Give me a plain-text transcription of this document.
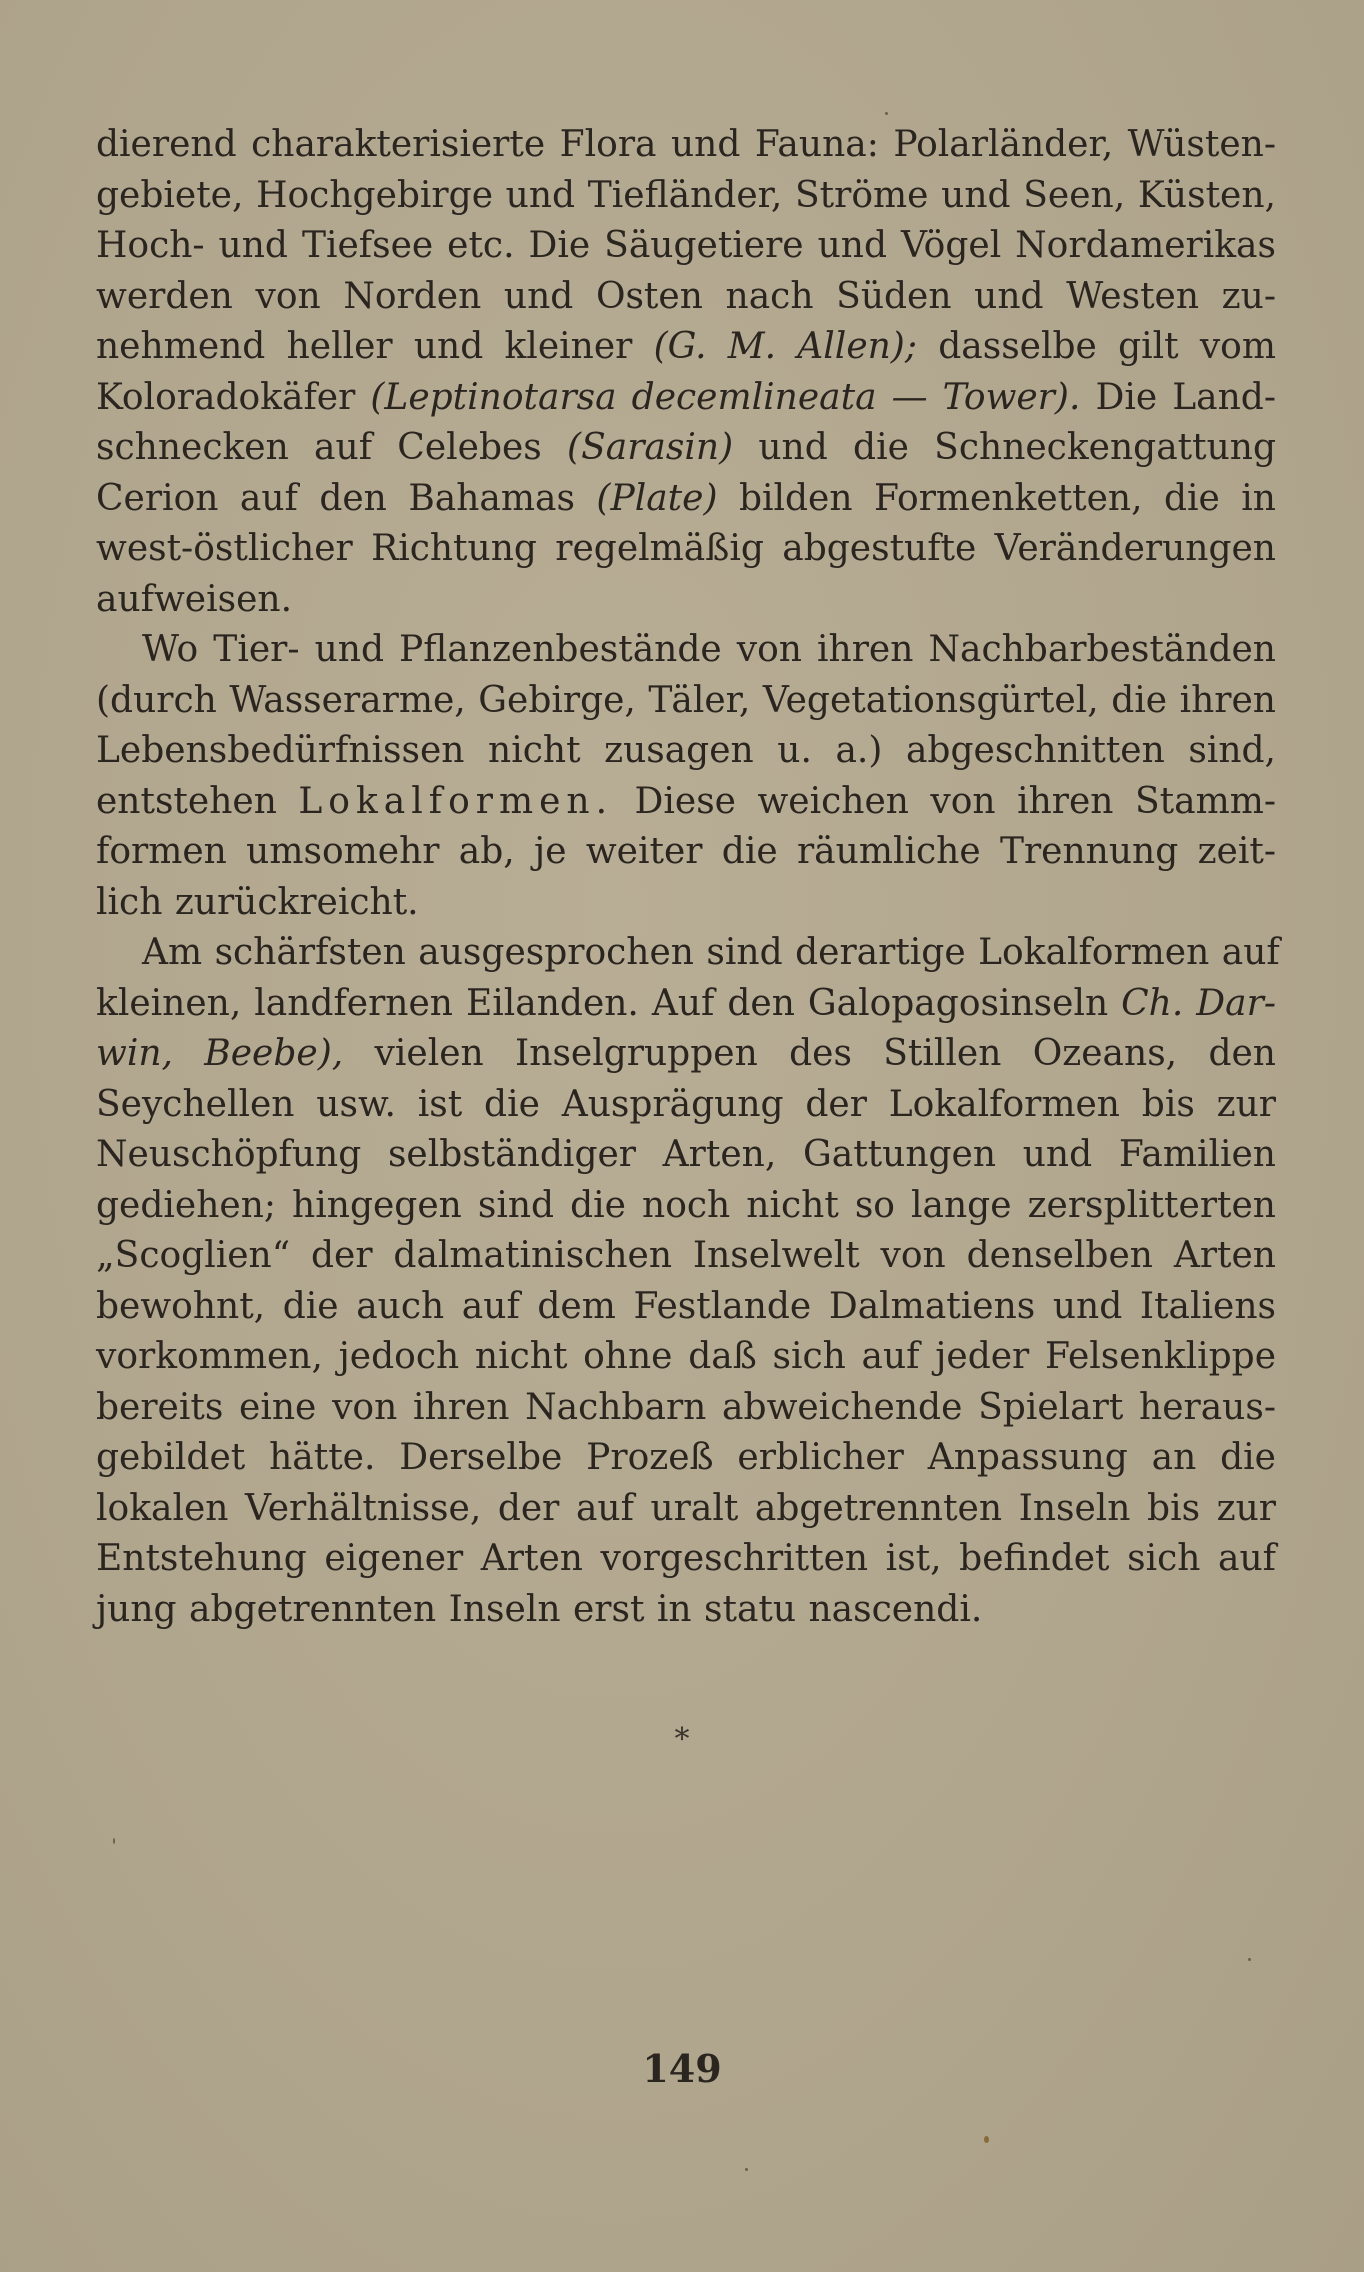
dierend charakterisierte Flora und Fauna: Polarländer, Wüsten-
gebiete, Hochgebirge und Tiefländer, Ströme und Seen, Küsten,
Hoch- und Tiefsee etc. Die Säugetiere und Vögel Nordamerikas
werden von Norden und Osten nach Süden und Westen zu-
nehmend heller und kleiner (G. M. Allen); dasselbe gilt vom
Koloradokäfer (Leptinotarsa decemlineata — Tower). Die Land-
schnecken auf Celebes (Sarasin) und die Schneckengattung
Cerion auf den Bahamas (Plate) bilden Formenketten, die in
west-östlicher Richtung regelmäßig abgestufte Veränderungen
aufweisen.
Wo Tier- und Pflanzenbestände von ihren Nachbarbeständen
(durch Wasserarme, Gebirge, Täler, Vegetationsgürtel, die ihren
Lebensbedürfnissen nicht zusagen u. a.) abgeschnitten sind,
entstehen Lokalformen. Diese weichen von ihren Stamm-
formen umsomehr ab, je weiter die räumliche Trennung zeit-
lich zurückreicht.
Am schärfsten ausgesprochen sind derartige Lokalformen auf
kleinen, landfernen Eilanden. Auf den Galopagosinseln Ch. Dar-
win, Beebe), vielen Inselgruppen des Stillen Ozeans, den
Seychellen usw. ist die Ausprägung der Lokalformen bis zur
Neuschöpfung selbständiger Arten, Gattungen und Familien
gediehen; hingegen sind die noch nicht so lange zersplitterten
„Scoglien“ der dalmatinischen Inselwelt von denselben Arten
bewohnt, die auch auf dem Festlande Dalmatiens und Italiens
vorkommen, jedoch nicht ohne daß sich auf jeder Felsenklippe
bereits eine von ihren Nachbarn abweichende Spielart heraus-
gebildet hätte. Derselbe Prozeß erblicher Anpassung an die
lokalen Verhältnisse, der auf uralt abgetrennten Inseln bis zur
Entstehung eigener Arten vorgeschritten ist, befindet sich auf
jung abgetrennten Inseln erst in statu nascendi.
*
149
